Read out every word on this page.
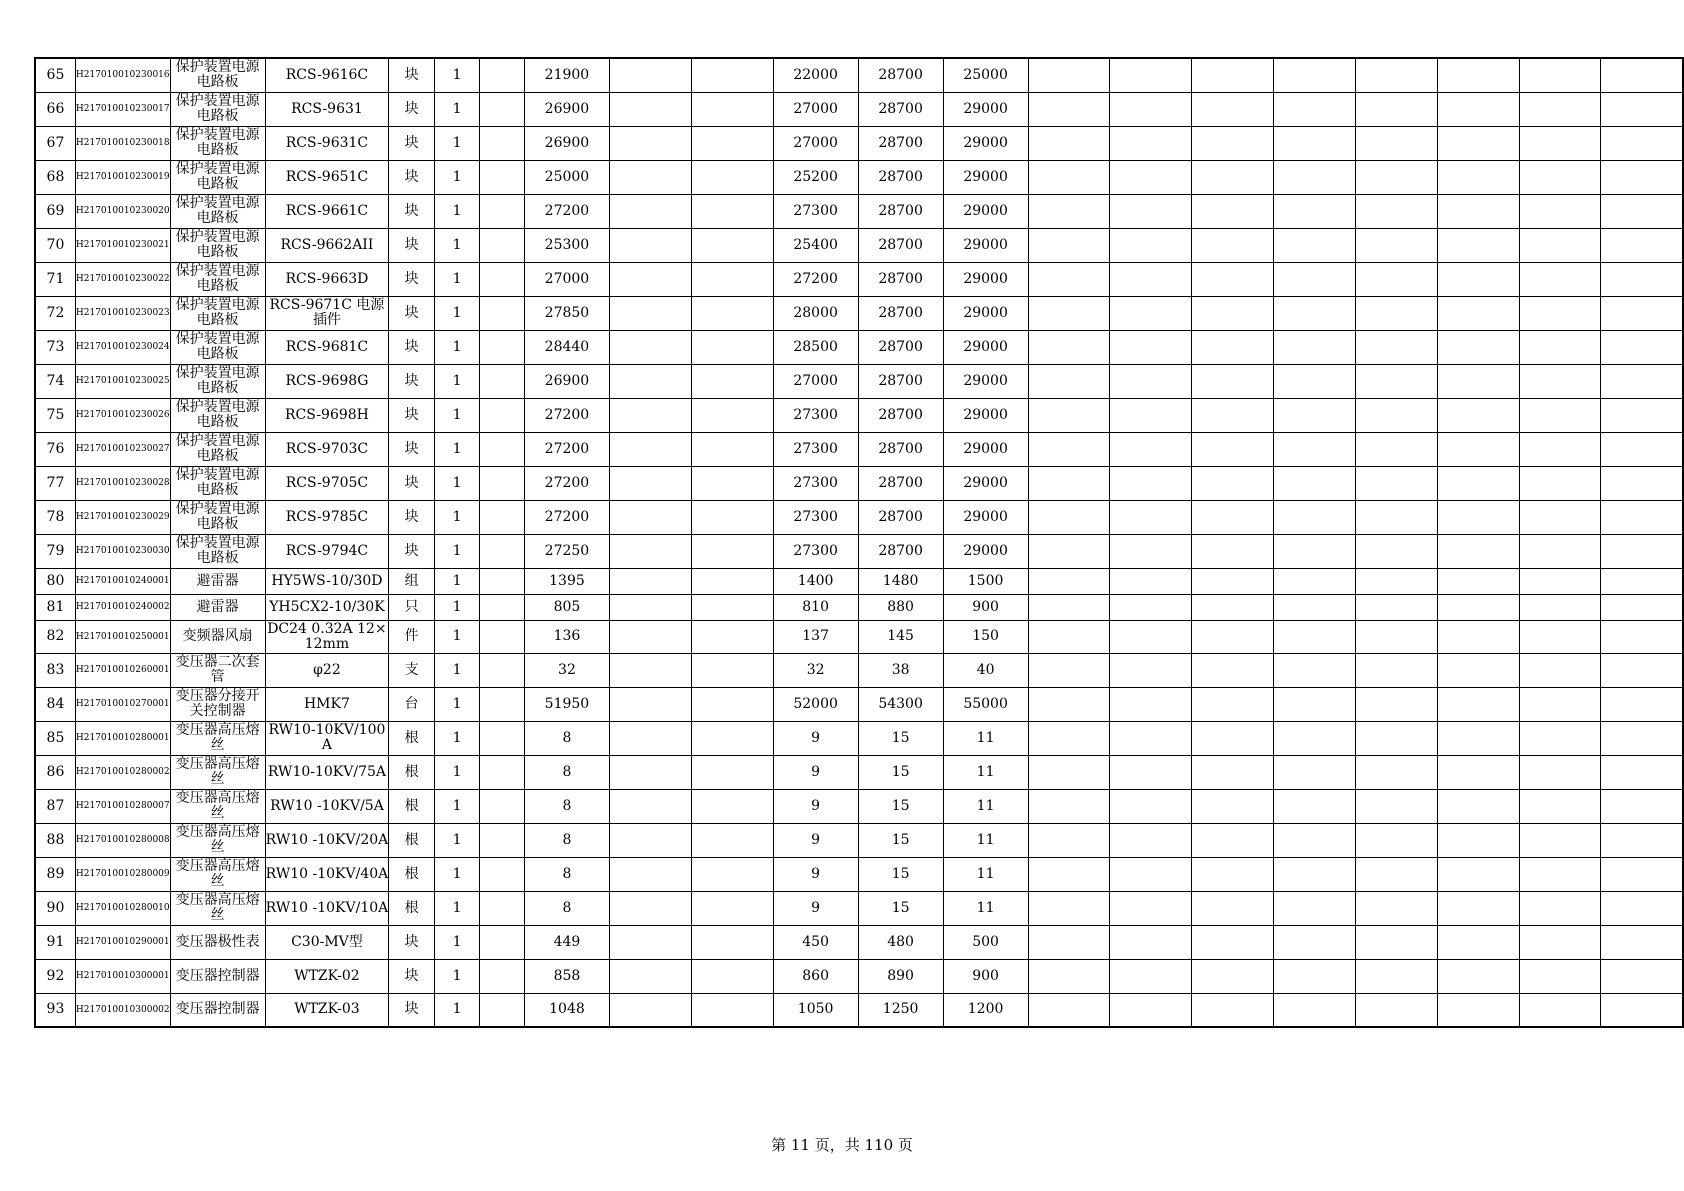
65	H217010010230016	保护装置电源电路板	RCS-9616C	块	1		21900			22000	28700	25000								
66	H217010010230017	保护装置电源电路板	RCS-9631	块	1		26900			27000	28700	29000								
67	H217010010230018	保护装置电源电路板	RCS-9631C	块	1		26900			27000	28700	29000								
68	H217010010230019	保护装置电源电路板	RCS-9651C	块	1		25000			25200	28700	29000								
69	H217010010230020	保护装置电源电路板	RCS-9661C	块	1		27200			27300	28700	29000								
70	H217010010230021	保护装置电源电路板	RCS-9662AII	块	1		25300			25400	28700	29000								
71	H217010010230022	保护装置电源电路板	RCS-9663D	块	1		27000			27200	28700	29000								
72	H217010010230023	保护装置电源电路板	RCS-9671C 电源插件	块	1		27850			28000	28700	29000								
73	H217010010230024	保护装置电源电路板	RCS-9681C	块	1		28440			28500	28700	29000								
74	H217010010230025	保护装置电源电路板	RCS-9698G	块	1		26900			27000	28700	29000								
75	H217010010230026	保护装置电源电路板	RCS-9698H	块	1		27200			27300	28700	29000								
76	H217010010230027	保护装置电源电路板	RCS-9703C	块	1		27200			27300	28700	29000								
77	H217010010230028	保护装置电源电路板	RCS-9705C	块	1		27200			27300	28700	29000								
78	H217010010230029	保护装置电源电路板	RCS-9785C	块	1		27200			27300	28700	29000								
79	H217010010230030	保护装置电源电路板	RCS-9794C	块	1		27250			27300	28700	29000								
80	H217010010240001	避雷器	HY5WS-10/30D	组	1		1395			1400	1480	1500								
81	H217010010240002	避雷器	YH5CX2-10/30K	只	1		805			810	880	900								
82	H217010010250001	变频器风扇	DC24 0.32A 12×12mm	件	1		136			137	145	150								
83	H217010010260001	变压器二次套管	φ22	支	1		32			32	38	40								
84	H217010010270001	变压器分接开关控制器	HMK7	台	1		51950			52000	54300	55000								
85	H217010010280001	变压器高压熔丝	RW10-10KV/100A	根	1		8			9	15	11								
86	H217010010280002	变压器高压熔丝	RW10-10KV/75A	根	1		8			9	15	11								
87	H217010010280007	变压器高压熔丝	RW10 -10KV/5A	根	1		8			9	15	11								
88	H217010010280008	变压器高压熔丝	RW10 -10KV/20A	根	1		8			9	15	11								
89	H217010010280009	变压器高压熔丝	RW10 -10KV/40A	根	1		8			9	15	11								
90	H217010010280010	变压器高压熔丝	RW10 -10KV/10A	根	1		8			9	15	11								
91	H217010010290001	变压器极性表	C30-MV型	块	1		449			450	480	500								
92	H217010010300001	变压器控制器	WTZK-02	块	1		858			860	890	900								
93	H217010010300002	变压器控制器	WTZK-03	块	1		1048			1050	1250	1200								
第 11 页，共 110 页
